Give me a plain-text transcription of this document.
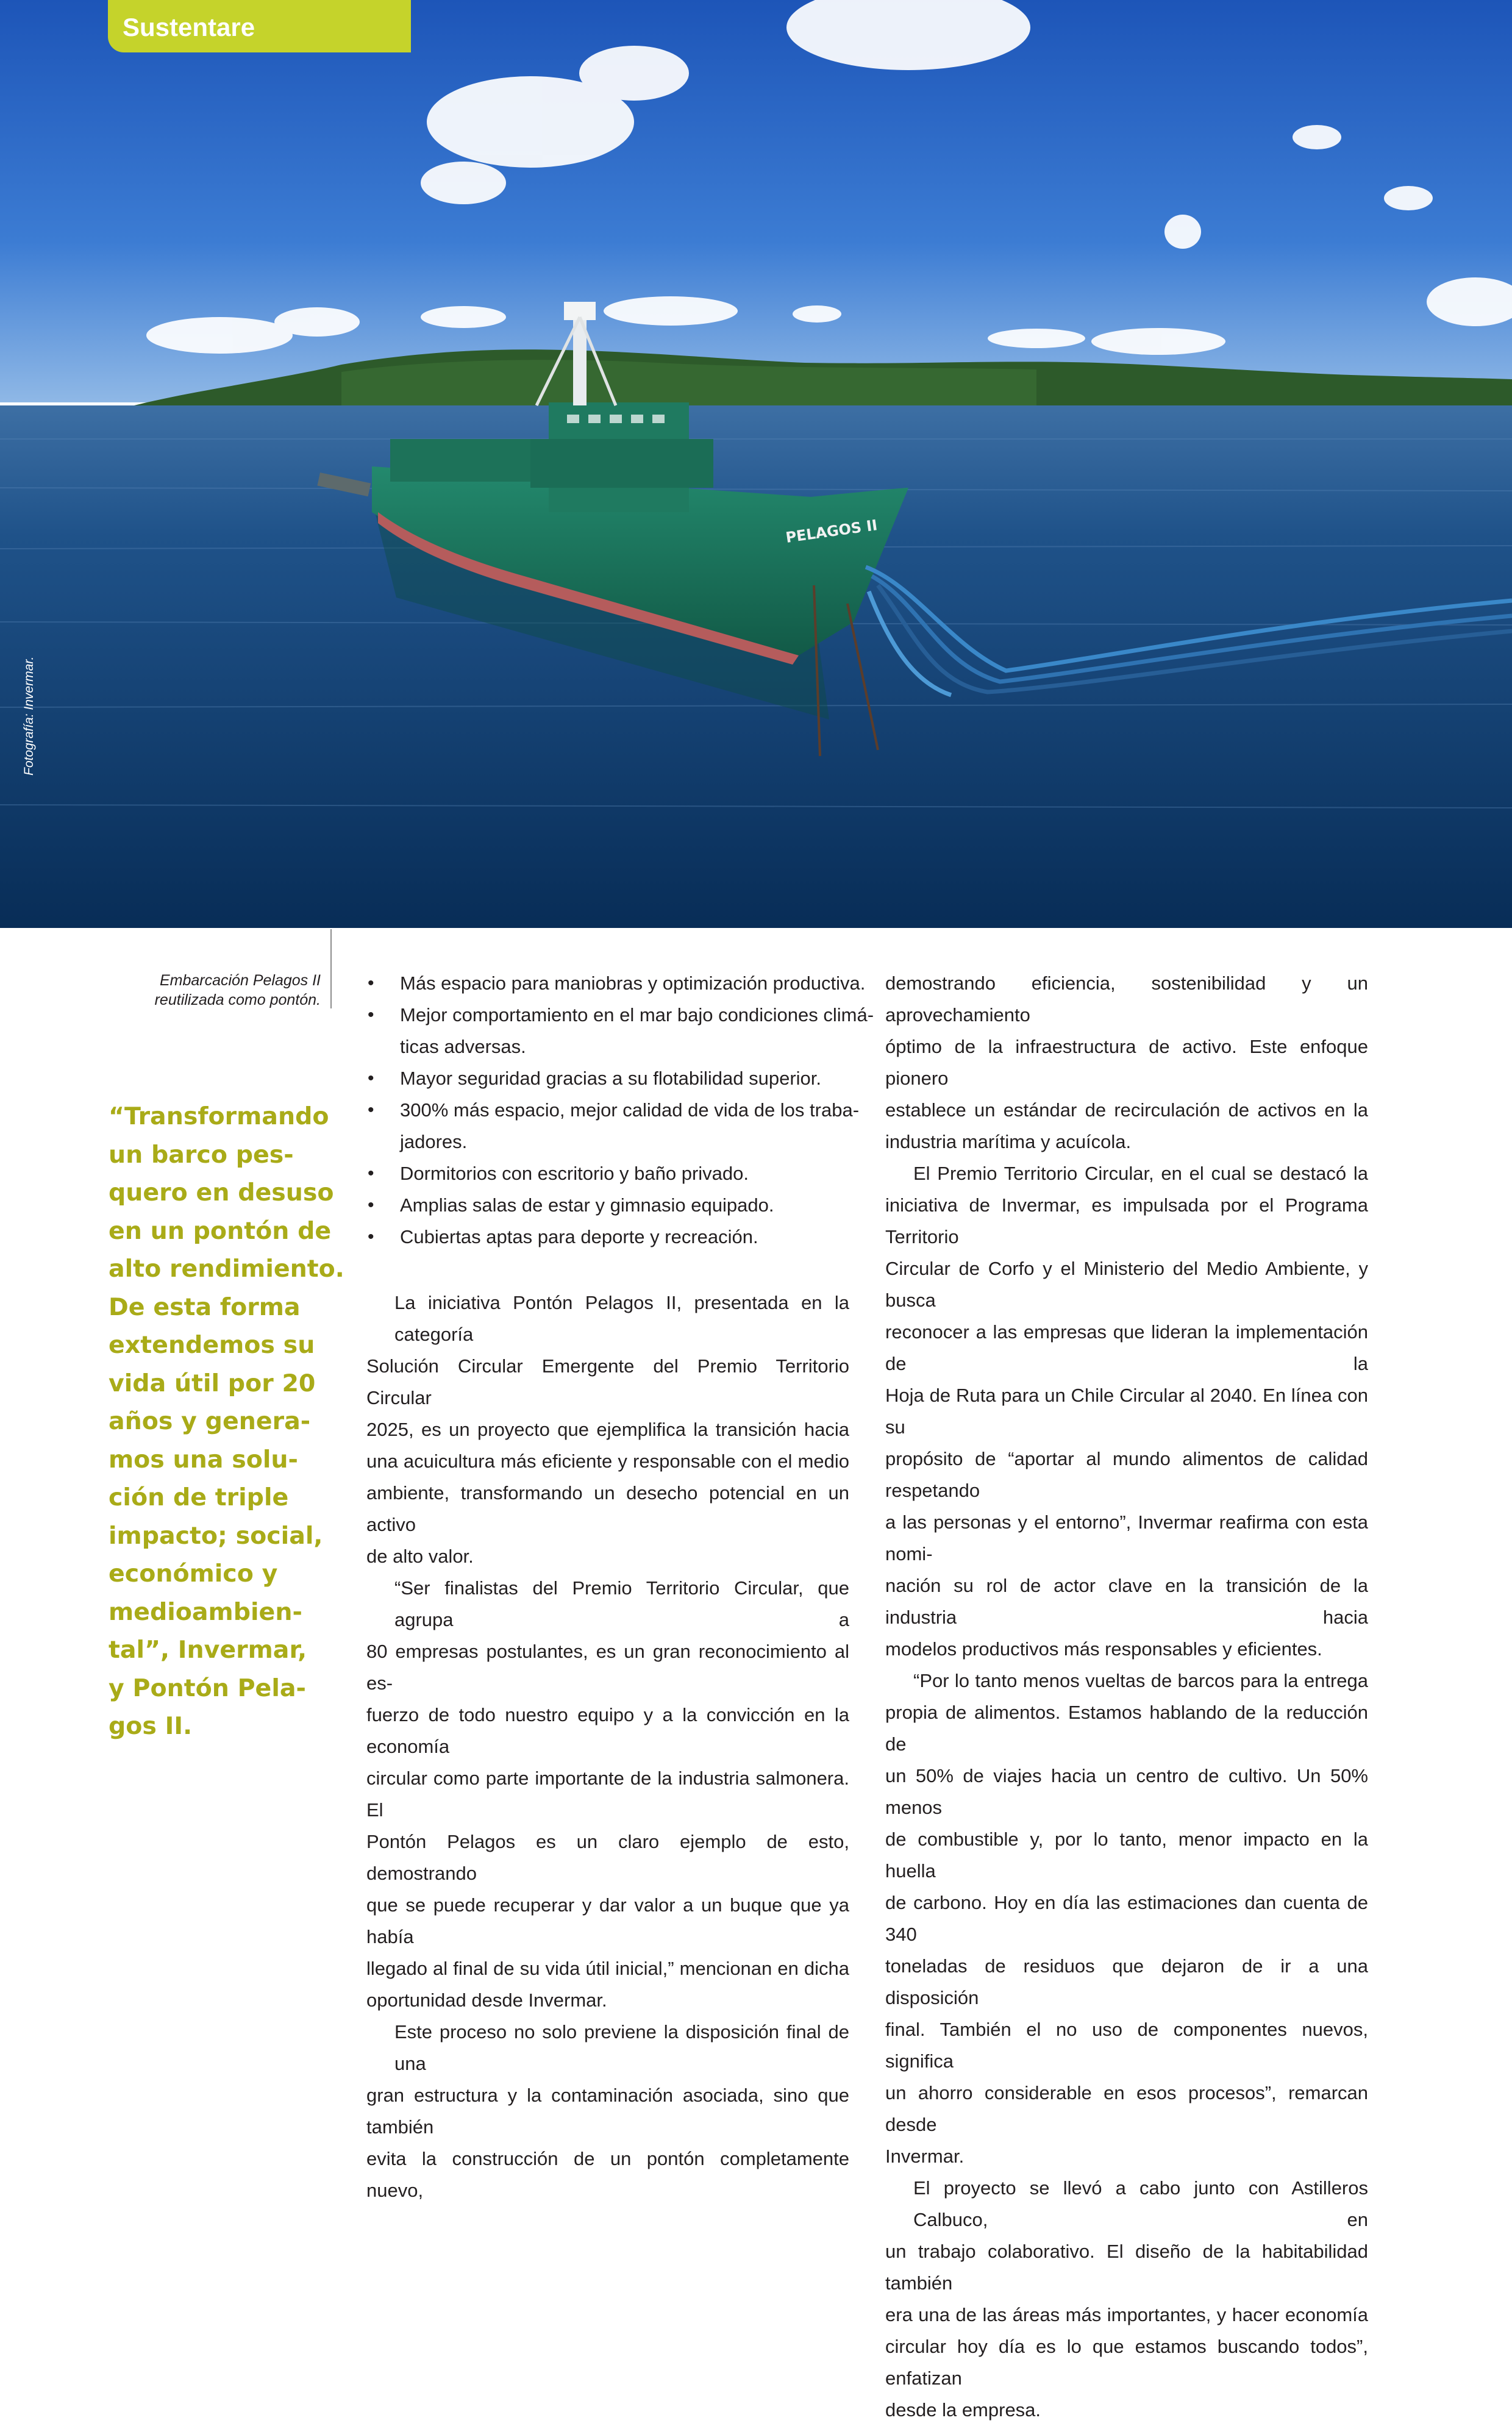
PELAGOS II
Sustentare
Fotografía: Invermar.
Embarcación Pelagos II
reutilizada como pontón.
“Transformando
un barco pes-
quero en desuso
en un pontón de
alto rendimiento.
De esta forma
extendemos su
vida útil por 20
años y genera-
mos una solu-
ción de triple
impacto; social,
económico y
medioambien-
tal”, Invermar,
y Pontón Pela-
gos II.
• Más espacio para maniobras y optimización productiva.
• Mejor comportamiento en el mar bajo condiciones climá-
ticas adversas.
• Mayor seguridad gracias a su flotabilidad superior.
• 300% más espacio, mejor calidad de vida de los traba-
jadores.
• Dormitorios con escritorio y baño privado.
• Amplias salas de estar y gimnasio equipado.
• Cubiertas aptas para deporte y recreación.
La iniciativa Pontón Pelagos II, presentada en la categoría
Solución Circular Emergente del Premio Territorio Circular
2025, es un proyecto que ejemplifica la transición hacia
una acuicultura más eficiente y responsable con el medio
ambiente, transformando un desecho potencial en un activo
de alto valor.
“Ser finalistas del Premio Territorio Circular, que agrupa a
80 empresas postulantes, es un gran reconocimiento al es-
fuerzo de todo nuestro equipo y a la convicción en la economía
circular como parte importante de la industria salmonera. El
Pontón Pelagos es un claro ejemplo de esto, demostrando
que se puede recuperar y dar valor a un buque que ya había
llegado al final de su vida útil inicial,” mencionan en dicha
oportunidad desde Invermar.
Este proceso no solo previene la disposición final de una
gran estructura y la contaminación asociada, sino que también
evita la construcción de un pontón completamente nuevo,
demostrando eficiencia, sostenibilidad y un aprovechamiento
óptimo de la infraestructura de activo. Este enfoque pionero
establece un estándar de recirculación de activos en la
industria marítima y acuícola.
El Premio Territorio Circular, en el cual se destacó la
iniciativa de Invermar, es impulsada por el Programa Territorio
Circular de Corfo y el Ministerio del Medio Ambiente, y busca
reconocer a las empresas que lideran la implementación de la
Hoja de Ruta para un Chile Circular al 2040. En línea con su
propósito de “aportar al mundo alimentos de calidad respetando
a las personas y el entorno”, Invermar reafirma con esta nomi-
nación su rol de actor clave en la transición de la industria hacia
modelos productivos más responsables y eficientes.
“Por lo tanto menos vueltas de barcos para la entrega
propia de alimentos. Estamos hablando de la reducción de
un 50% de viajes hacia un centro de cultivo. Un 50% menos
de combustible y, por lo tanto, menor impacto en la huella
de carbono. Hoy en día las estimaciones dan cuenta de 340
toneladas de residuos que dejaron de ir a una disposición
final. También el no uso de componentes nuevos, significa
un ahorro considerable en esos procesos”, remarcan desde
Invermar.
El proyecto se llevó a cabo junto con Astilleros Calbuco, en
un trabajo colaborativo. El diseño de la habitabilidad también
era una de las áreas más importantes, y hacer economía
circular hoy día es lo que estamos buscando todos”, enfatizan
desde la empresa.
